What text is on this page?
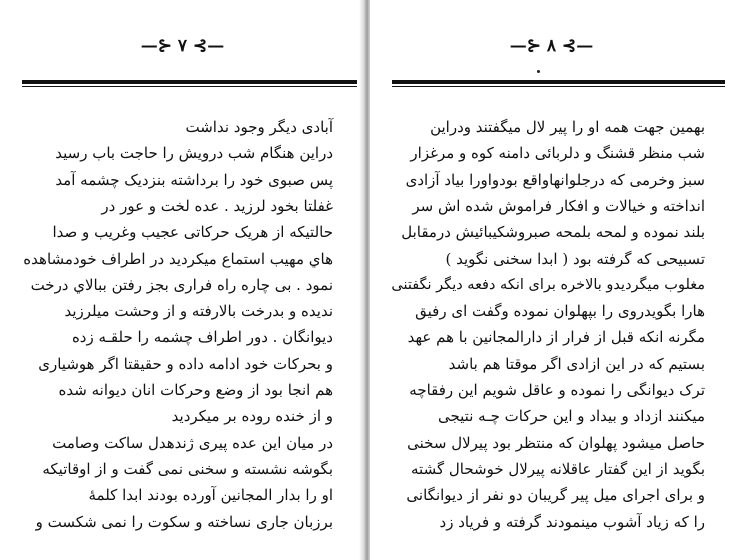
—⊱ ۷ ⊰—
آبادی دیگر وجود نداشت
دراین هنگام شب درویش را حاجت باب رسید
پس صبوی خود را برداشته بنزدیک چشمه آمد
غفلتا بخود لرزید . عده لخت و عور در
حالتیکه از هریک حرکاتی عجیب وغریب و صدا
هاي مهیب استماع میکردید در اطراف خودمشاهده
نمود . بی چاره راه فراری بجز رفتن ببالاي درخت
ندیده و بدرخت بالارفته و از وحشت میلرزید
دیوانگان . دور اطراف چشمه را حلقـه زده
و بحرکات خود ادامه داده و حقیقتا اگر هوشیاری
هم انجا بود از وضع وحرکات انان دیوانه شده
و از خنده روده بر میکردید
در میان این عده پیری ژندهدل ساکت وصامت
بگوشه نشسته و سخنی نمی گفت و از اوقاتیکه
او را بدار المجانین آورده بودند ابدا کلمهٔ
برزبان جاری نساخته و سکوت را نمی شکست و
—⊱ ۸ ⊰—
بهمین جهت همه او را پیر لال میگفتند ودراین
شب منظر قشنگ و دلربائی دامنه کوه و مرغزار
سبز وخرمی که درجلوانهاواقع بودواورا بیاد آزادی
انداخته و خیالات و افکار فراموش شده اش سر
بلند نموده و لمحه بلمحه صبروشکیبائیش درمقابل
تسبیحی که گرفته بود ( ابدا سخنی نگوید )
مغلوب میگردیدو بالاخره برای انکه دفعه دیگر نگفتنی
هارا بگویدروی را بپهلوان نموده وگفت ای رفیق
مگرنه انکه قبل از فرار از دارالمجانین با هم عهد
بستیم که در این ازادی اگر موقتا هم باشد
ترک دیوانگی را نموده و عاقل شویم این رفقاچه
میکنند ازداد و بیداد و این حرکات چـه نتیجی
حاصل میشود پهلوان که منتظر بود پیرلال سخنی
بگوید از این گفتار عاقلانه پیرلال خوشحال گشته
و برای اجرای میل پیر گریبان دو نفر از دیوانگانی
را که زیاد آشوب مینمودند گرفته و فریاد زد
